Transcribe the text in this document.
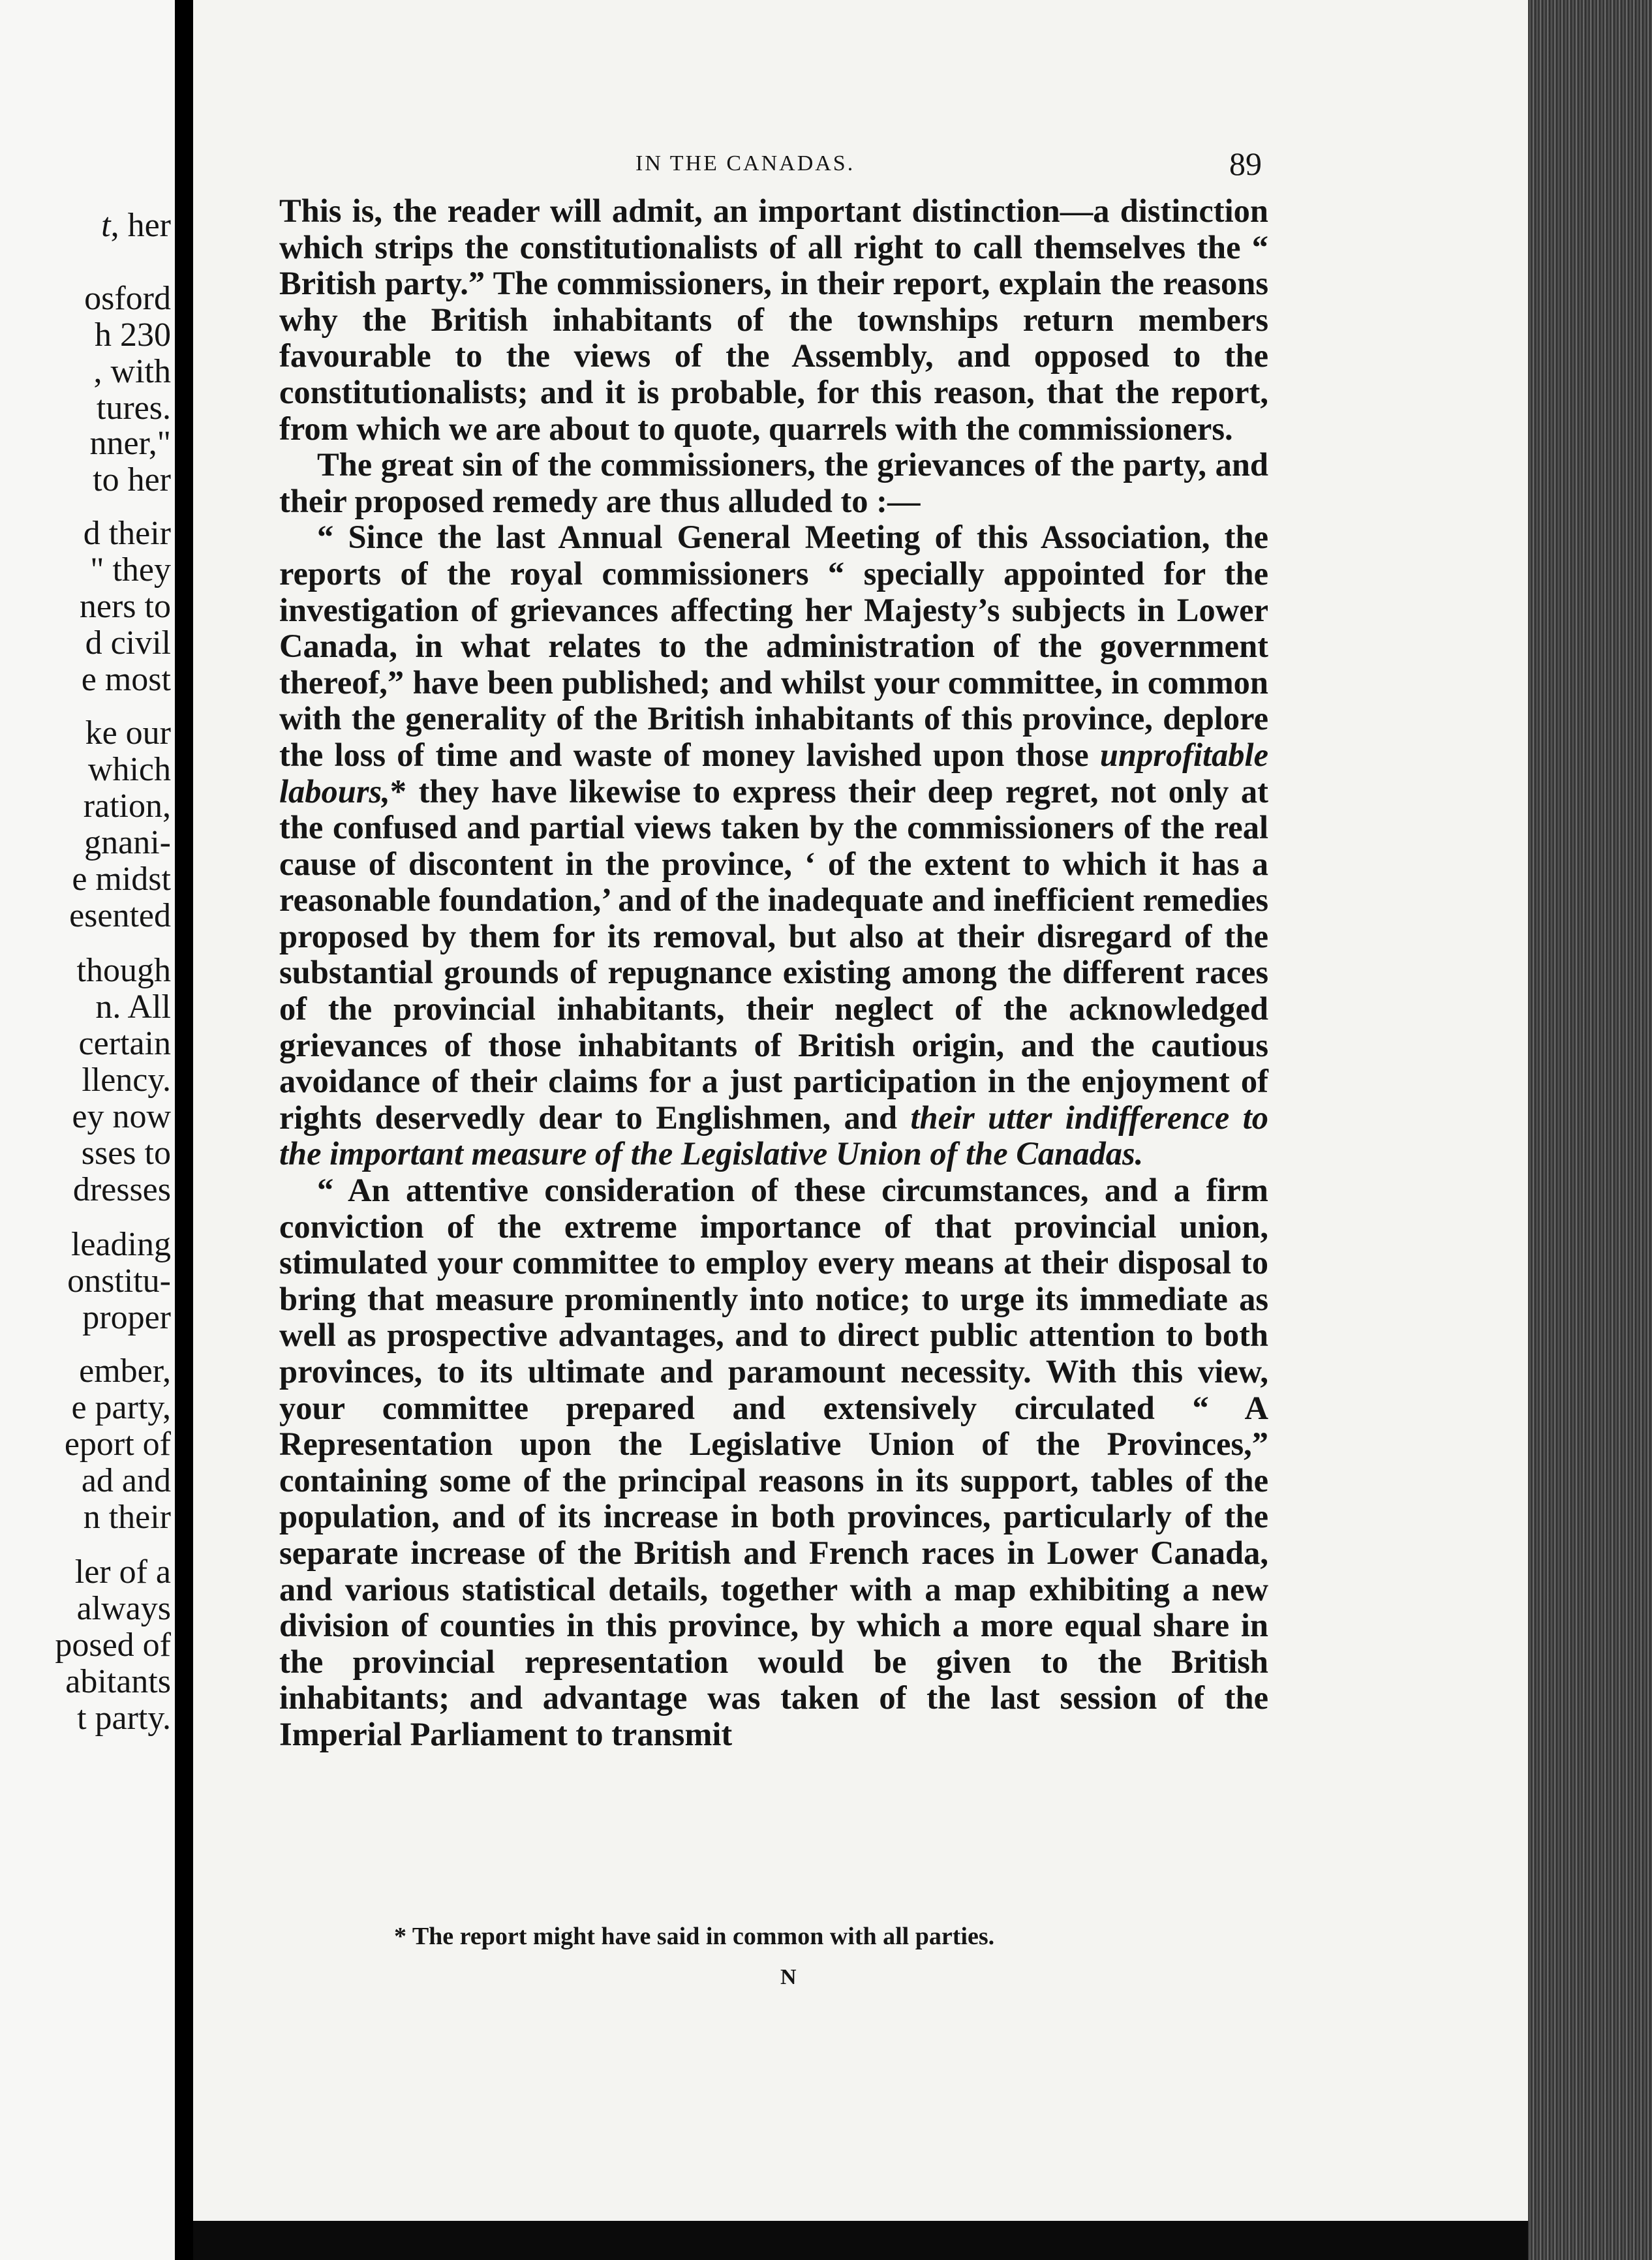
t, her
osford
h 230
, with
tures.
nner,"
to her
d their
" they
ners to
d civil
e most
ke our
which
ration,
gnani-
e midst
esented
though
n. All
certain
llency.
ey now
sses to
dresses
leading
onstitu-
proper
ember,
e party,
eport of
ad and
n their
ler of a
always
posed of
abitants
t party.
IN THE CANADAS.	89

This is, the reader will admit, an important distinction—a distinction which strips the constitutionalists of all right to call themselves the “ British party.” The commissioners, in their report, explain the reasons why the British inhabitants of the townships return members favourable to the views of the Assembly, and opposed to the constitutionalists; and it is probable, for this reason, that the report, from which we are about to quote, quarrels with the commissioners.

The great sin of the commissioners, the grievances of the party, and their proposed remedy are thus alluded to :—

“ Since the last Annual General Meeting of this Association, the reports of the royal commissioners “ specially appointed for the investigation of grievances affecting her Majesty’s subjects in Lower Canada, in what relates to the administration of the government thereof,” have been published; and whilst your committee, in common with the generality of the British inhabitants of this province, deplore the loss of time and waste of money lavished upon those unprofitable labours,* they have likewise to express their deep regret, not only at the confused and partial views taken by the commissioners of the real cause of discontent in the province, ‘ of the extent to which it has a reasonable foundation,’ and of the inadequate and inefficient remedies proposed by them for its removal, but also at their disregard of the substantial grounds of repugnance existing among the different races of the provincial inhabitants, their neglect of the acknowledged grievances of those inhabitants of British origin, and the cautious avoidance of their claims for a just participation in the enjoyment of rights deservedly dear to Englishmen, and their utter indifference to the important measure of the Legislative Union of the Canadas.

“ An attentive consideration of these circumstances, and a firm conviction of the extreme importance of that provincial union, stimulated your committee to employ every means at their disposal to bring that measure prominently into notice; to urge its immediate as well as prospective advantages, and to direct public attention to both provinces, to its ultimate and paramount necessity. With this view, your committee prepared and extensively circulated “ A Representation upon the Legislative Union of the Provinces,” containing some of the principal reasons in its support, tables of the population, and of its increase in both provinces, particularly of the separate increase of the British and French races in Lower Canada, and various statistical details, together with a map exhibiting a new division of counties in this province, by which a more equal share in the provincial representation would be given to the British inhabitants; and advantage was taken of the last session of the Imperial Parliament to transmit

* The report might have said in common with all parties.
N
